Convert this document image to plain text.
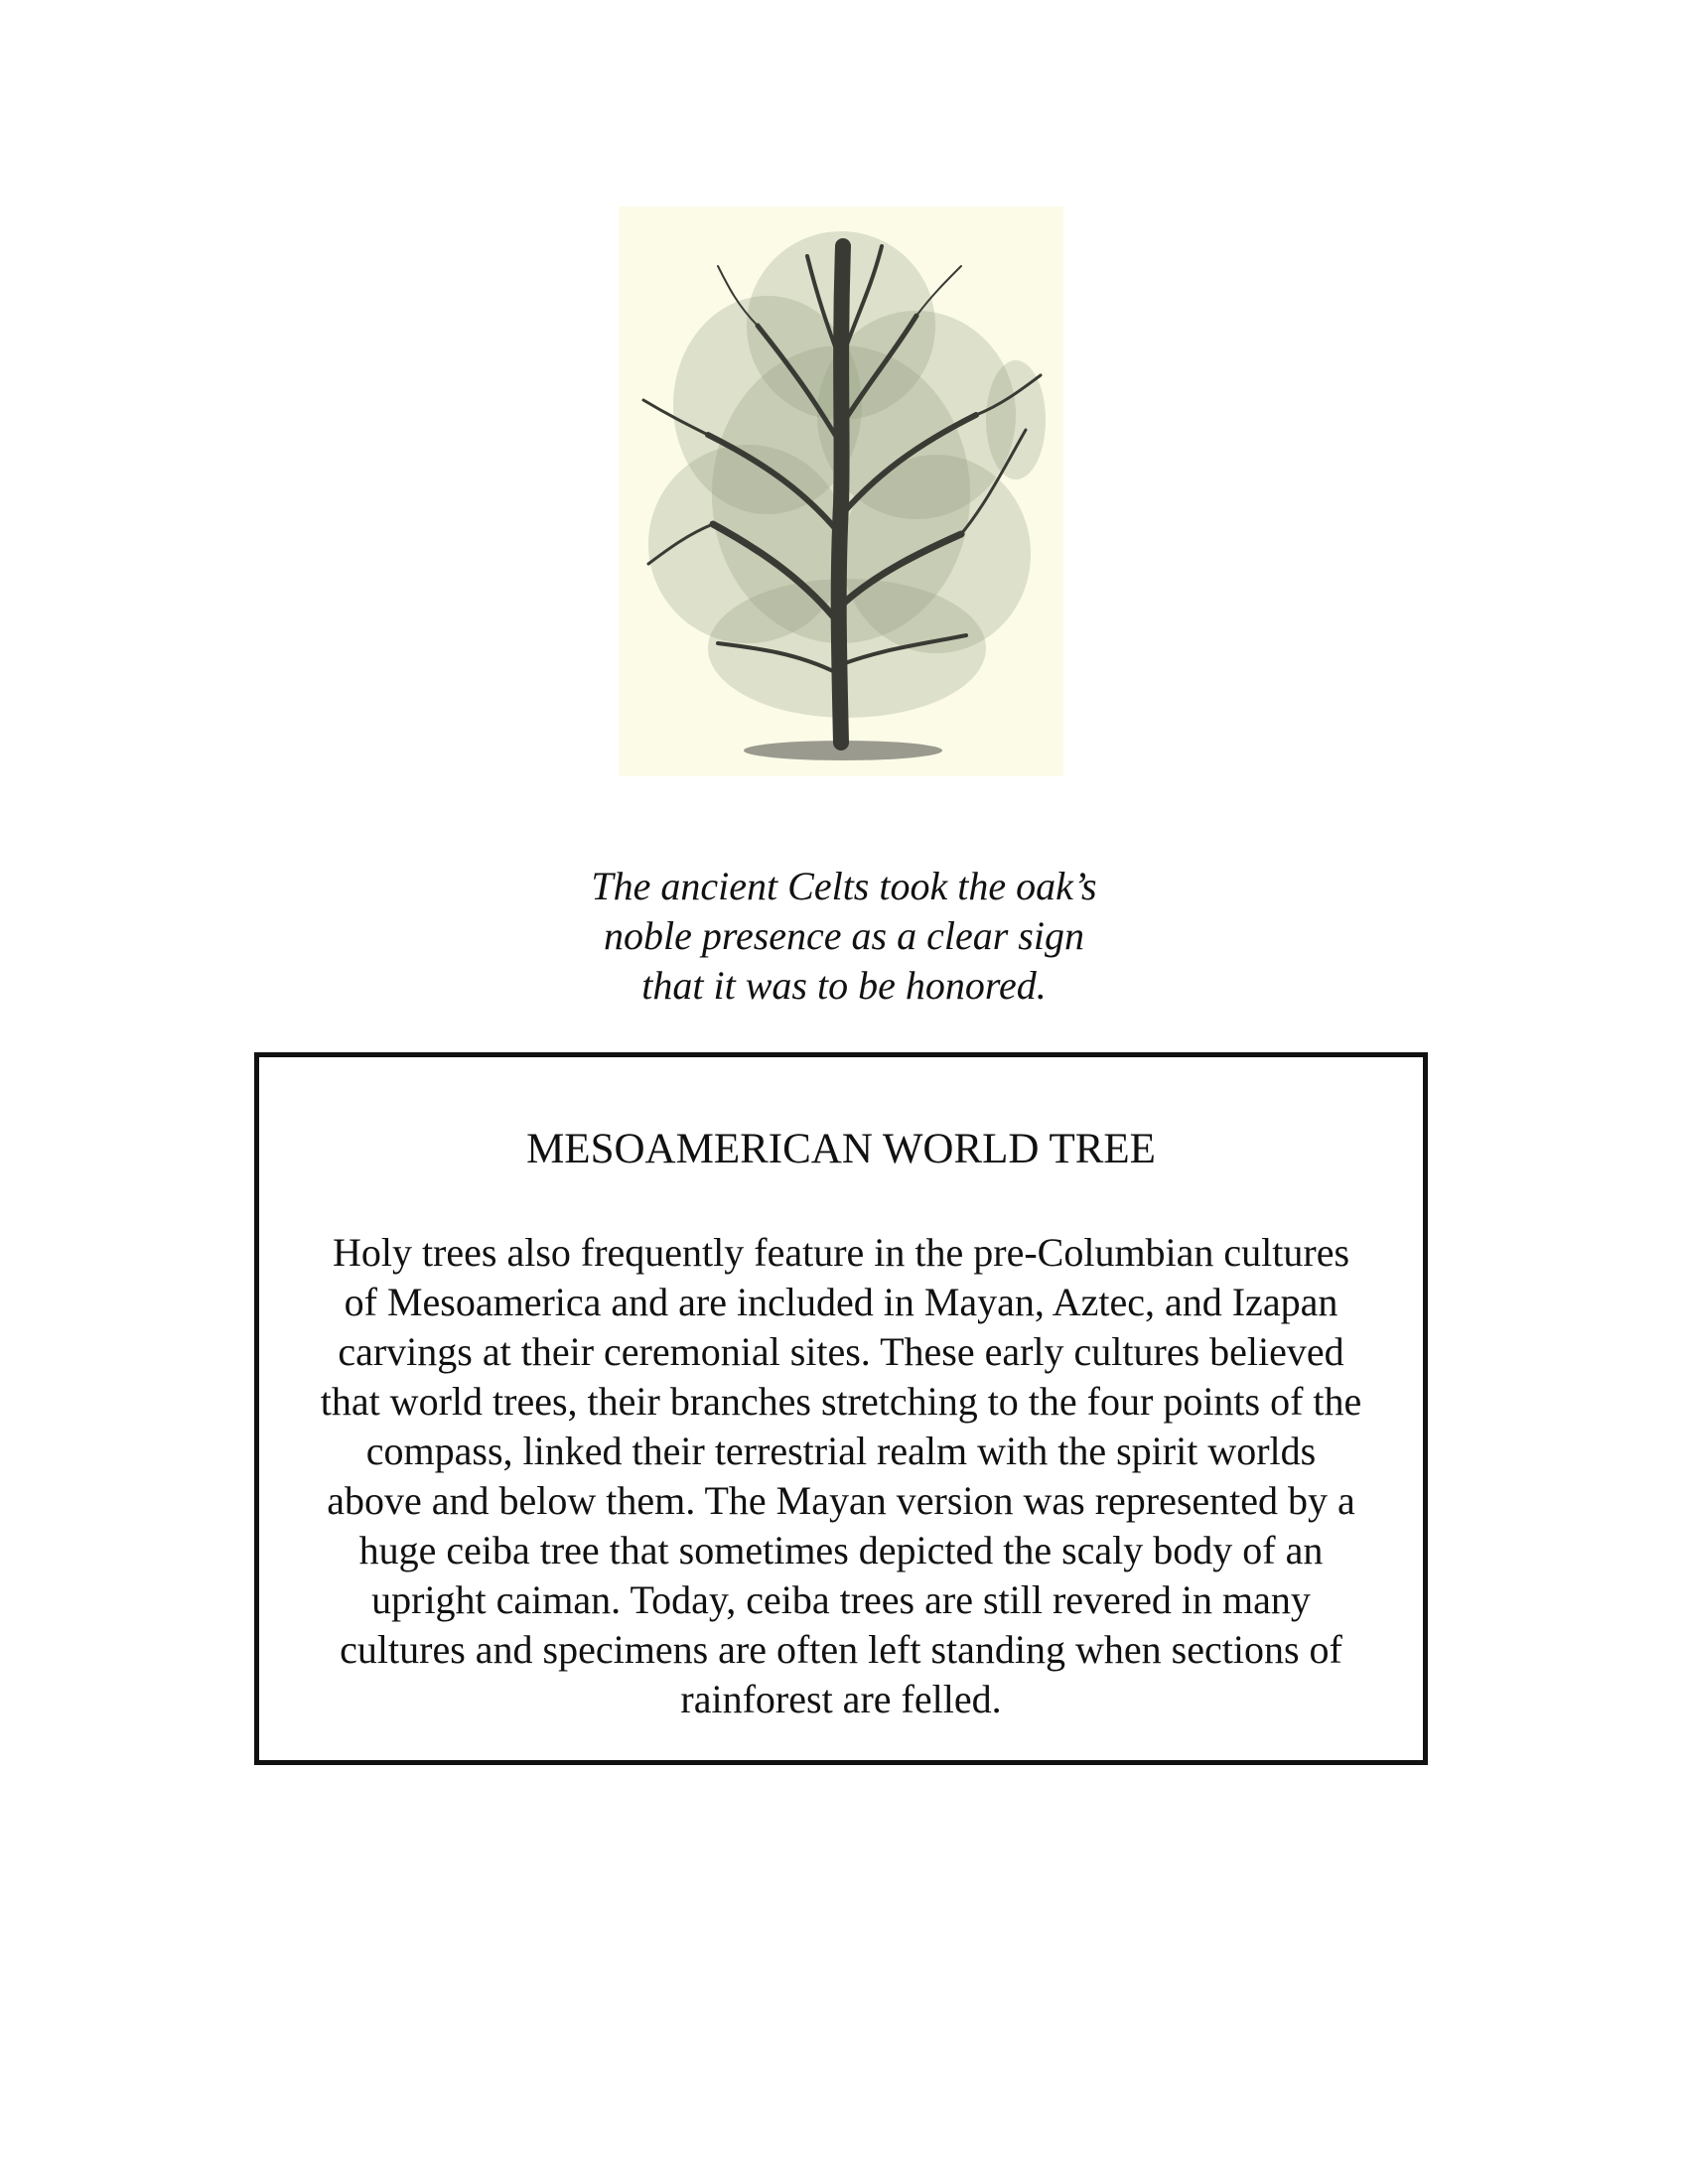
The ancient Celts took the oak’s
noble presence as a clear sign
that it was to be honored.
MESOAMERICAN WORLD TREE
Holy trees also frequently feature in the pre-Columbian cultures
of Mesoamerica and are included in Mayan, Aztec, and Izapan
carvings at their ceremonial sites. These early cultures believed
that world trees, their branches stretching to the four points of the
compass, linked their terrestrial realm with the spirit worlds
above and below them. The Mayan version was represented by a
huge ceiba tree that sometimes depicted the scaly body of an
upright caiman. Today, ceiba trees are still revered in many
cultures and specimens are often left standing when sections of
rainforest are felled.
